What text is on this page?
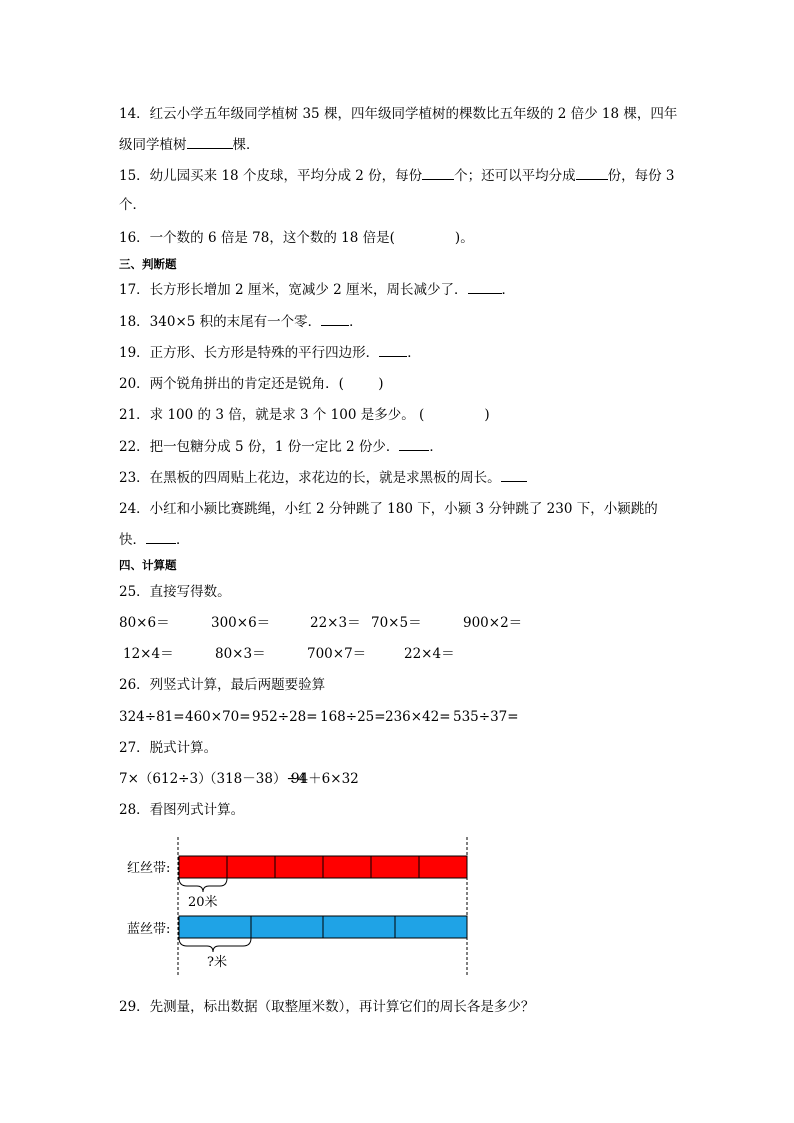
14．红云小学五年级同学植树 35 棵，四年级同学植树的棵数比五年级的 2 倍少 18 棵，四年
级同学植树	棵．
15．幼儿园买来 18 个皮球，平均分成 2 份，每份 个；还可以平均分成 份，每份 3
个．
16．一个数的 6 倍是 78，这个数的 18 倍是(              )。
三、判断题
17．长方形长增加 2 厘米，宽减少 2 厘米，周长减少了．	．
18．340×5 积的末尾有一个零． ．
19．正方形、长方形是特殊的平行四边形． ．
20．两个锐角拼出的肯定还是锐角．(        )
21．求 100 的 3 倍，就是求 3 个 100 是多少。 (              )
22．把一包糖分成 5 份，1 份一定比 2 份少． ．
23．在黑板的四周贴上花边，求花边的长，就是求黑板的周长。
24．小红和小颍比赛跳绳，小红 2 分钟跳了 180 下，小颍 3 分钟跳了 230 下，小颍跳的
快． ．
四、计算题
25．直接写得数。
80×6＝	300×6＝	22×3＝ 70×5＝	900×2＝
12×4＝	80×3＝	700×7＝	22×4＝
26．列竖式计算，最后两题要验算
324÷81= 460×70= 952÷28= 168÷25= 236×42= 535÷37=
27．脱式计算。
7×（612÷3）
（318－38）÷4
94＋6×32
28．看图列式计算。
红丝带:
20米
蓝丝带:
?米
29．先测量，标出数据（取整厘米数），再计算它们的周长各是多少？
